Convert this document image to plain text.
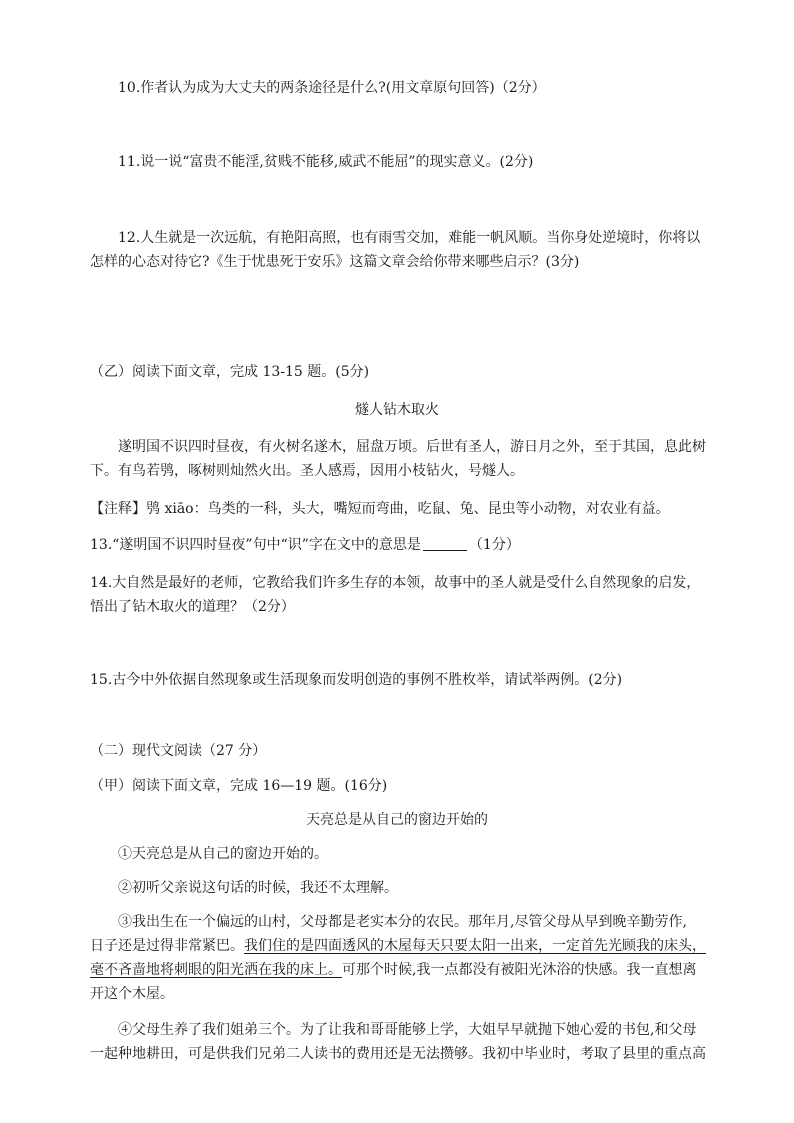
10.作者认为成为大丈夫的两条途径是什么?(用文章原句回答)（2分）
11.说一说“富贵不能淫,贫贱不能移,威武不能屈”的现实意义。(2分)
12.人生就是一次远航，有艳阳高照，也有雨雪交加，难能一帆风顺。当你身处逆境时，你将以
怎样的心态对待它?《生于忧患死于安乐》这篇文章会给你带来哪些启示？(3分)
（乙）阅读下面文章，完成 13-15 题。(5分)
燧人钻木取火
遂明国不识四时昼夜，有火树名遂木，屈盘万顷。后世有圣人，游日月之外，至于其国，息此树
下。有鸟若鸮，啄树则灿然火出。圣人感焉，因用小枝钻火，号燧人。
【注释】鸮 xiāo：鸟类的一科，头大，嘴短而弯曲，吃鼠、兔、昆虫等小动物，对农业有益。
13.“遂明国不识四时昼夜”句中“识”字在文中的意思是	（1分）
14.大自然是最好的老师，它教给我们许多生存的本领，故事中的圣人就是受什么自然现象的启发，
悟出了钻木取火的道理？（2分）
15.古今中外依据自然现象或生活现象而发明创造的事例不胜枚举，请试举两例。(2分)
（二）现代文阅读（27 分）
（甲）阅读下面文章，完成 16—19 题。(16分)
天亮总是从自己的窗边开始的
①天亮总是从自己的窗边开始的。
②初听父亲说这句话的时候，我还不太理解。
③我出生在一个偏远的山村，父母都是老实本分的农民。那年月,尽管父母从早到晚辛勤劳作,
日子还是过得非常紧巴。我们住的是四面透风的木屋每天只要太阳一出来，一定首先光顾我的床头，
毫不吝啬地将刺眼的阳光洒在我的床上。可那个时候,我一点都没有被阳光沐浴的快感。我一直想离
开这个木屋。
④父母生养了我们姐弟三个。为了让我和哥哥能够上学，大姐早早就抛下她心爱的书包,和父母
一起种地耕田，可是供我们兄弟二人读书的费用还是无法攒够。我初中毕业时，考取了县里的重点高
